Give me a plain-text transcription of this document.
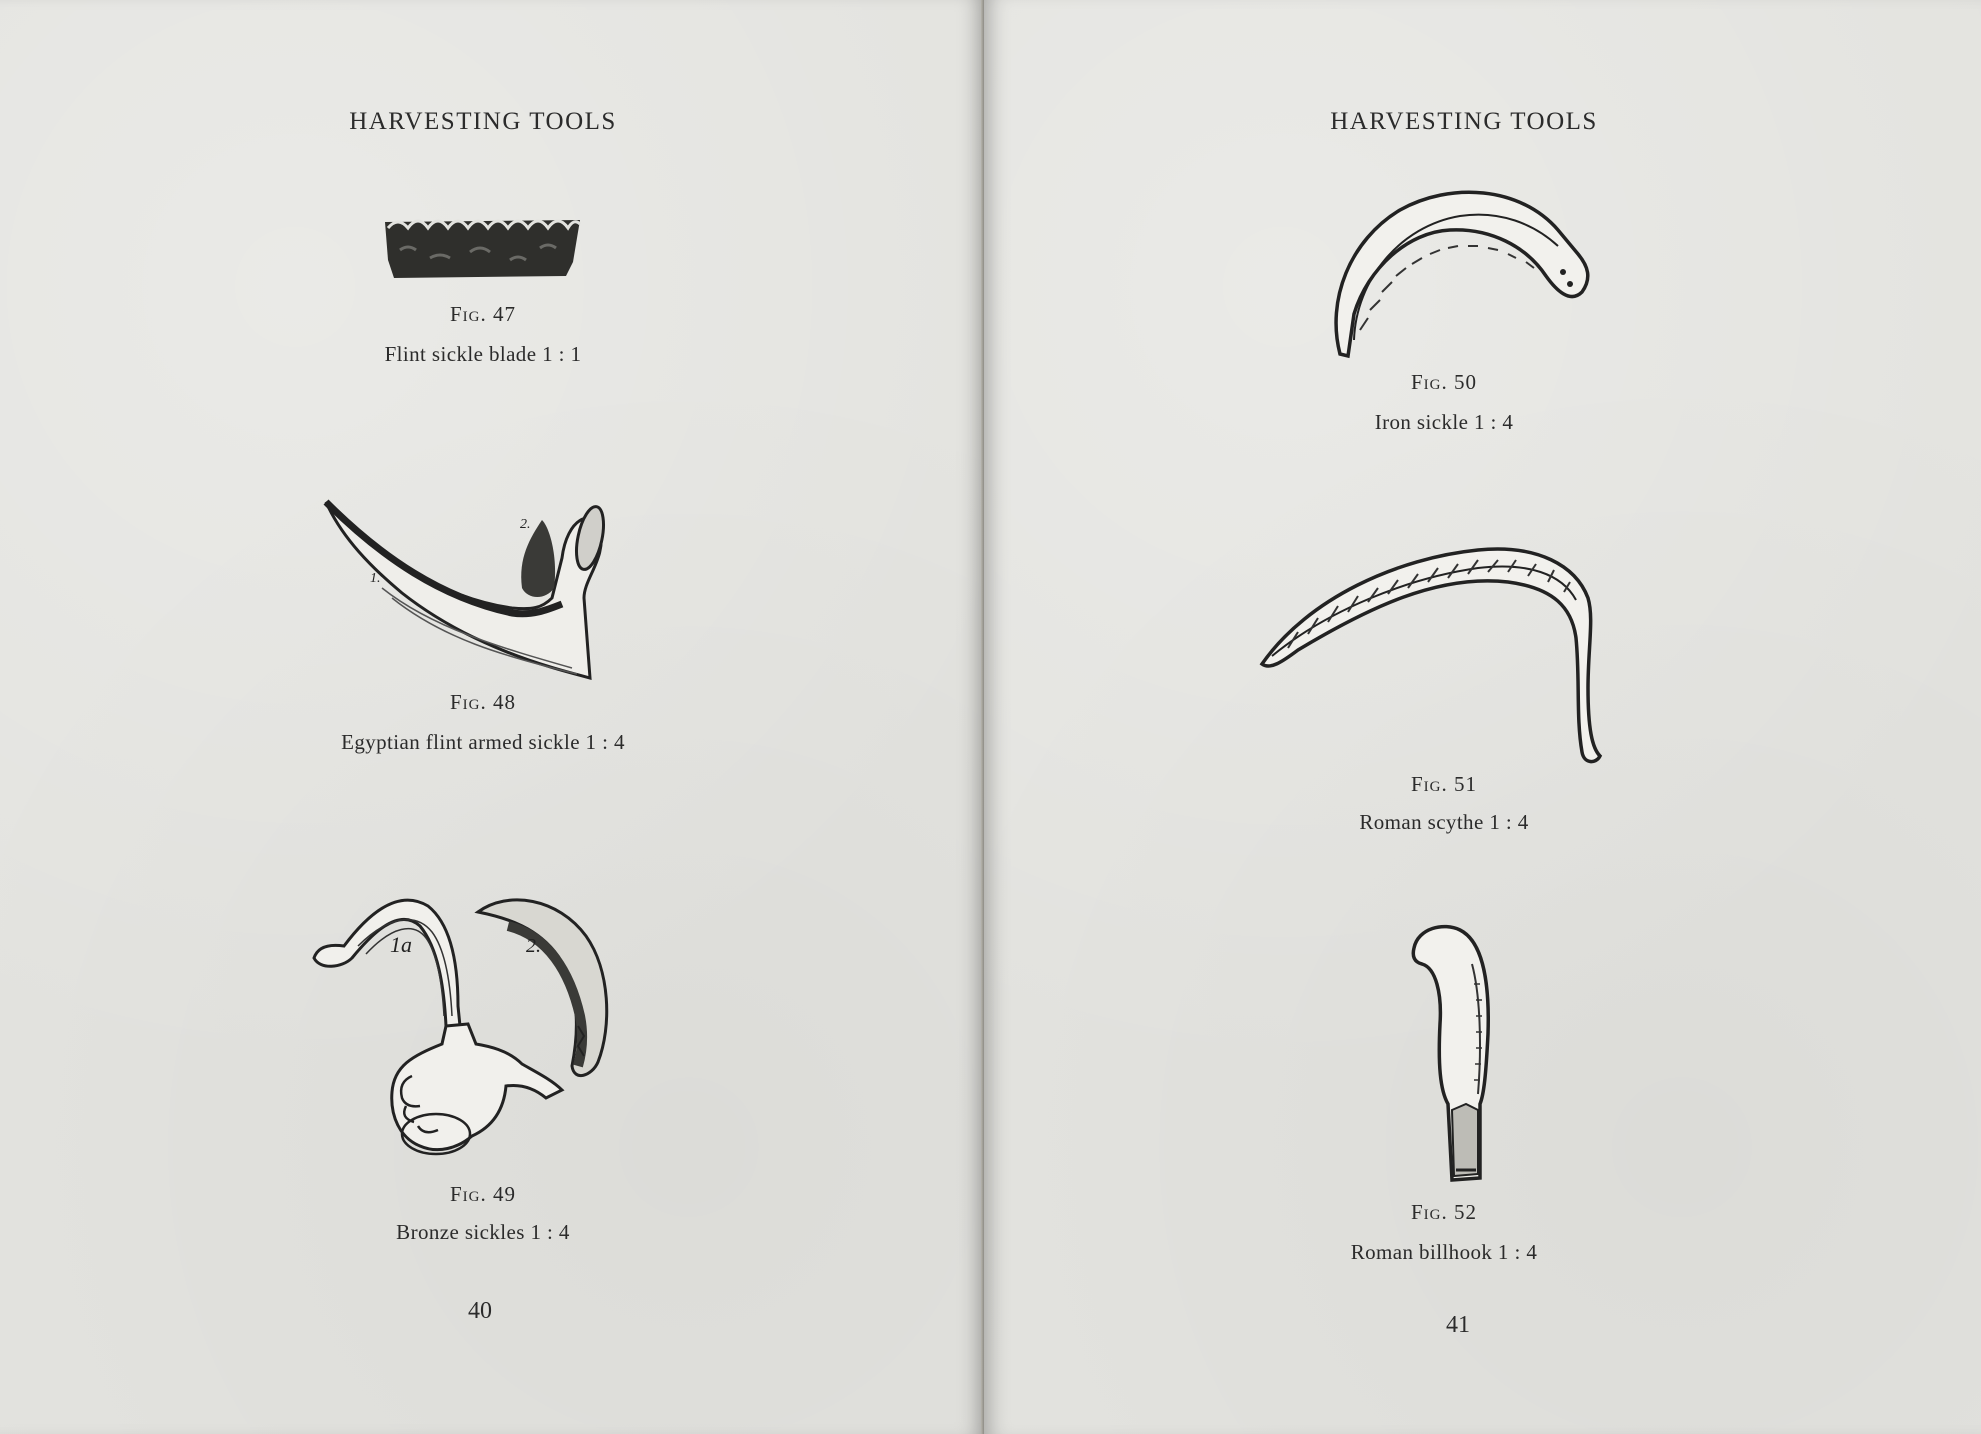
HARVESTING TOOLS
Fig. 47
Flint sickle blade 1 : 1
1.
2.
Fig. 48
Egyptian flint armed sickle 1 : 4
1a	2.
Fig. 49
Bronze sickles 1 : 4
40
HARVESTING TOOLS
Fig. 50
Iron sickle 1 : 4
Fig. 51
Roman scythe 1 : 4
Fig. 52
Roman billhook 1 : 4
41
